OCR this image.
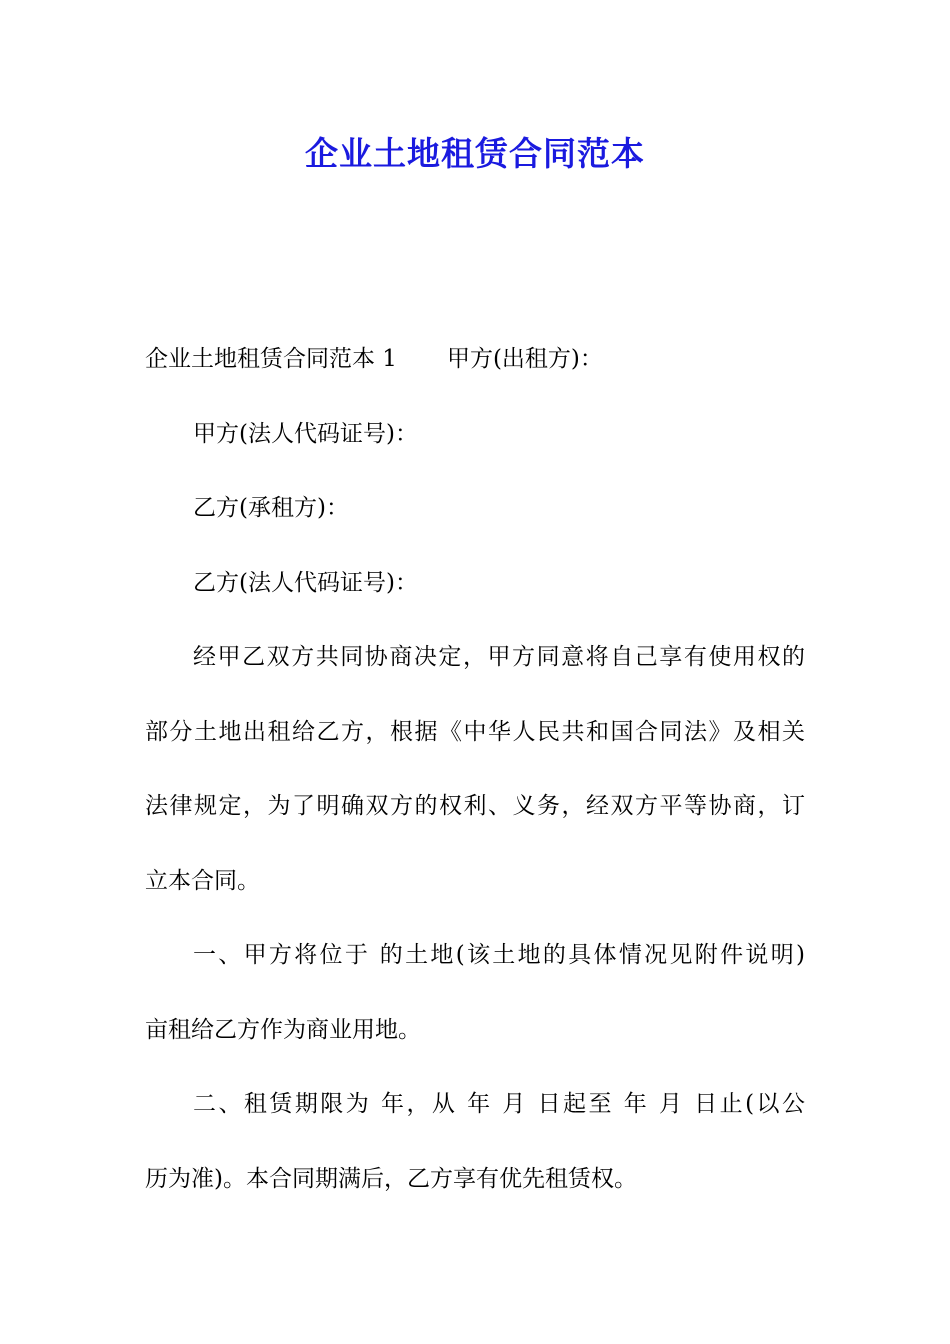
企业土地租赁合同范本
企业土地租赁合同范本 1 甲方(出租方)：
甲方(法人代码证号)：
乙方(承租方)：
乙方(法人代码证号)：
经甲乙双方共同协商决定，甲方同意将自己享有使用权的
部分土地出租给乙方，根据《中华人民共和国合同法》及相关
法律规定，为了明确双方的权利、义务，经双方平等协商，订
立本合同。
一、甲方将位于 的土地(该土地的具体情况见附件说明)
亩租给乙方作为商业用地。
二、租赁期限为 年，从 年 月 日起至 年 月 日止(以公
历为准)。本合同期满后，乙方享有优先租赁权。
